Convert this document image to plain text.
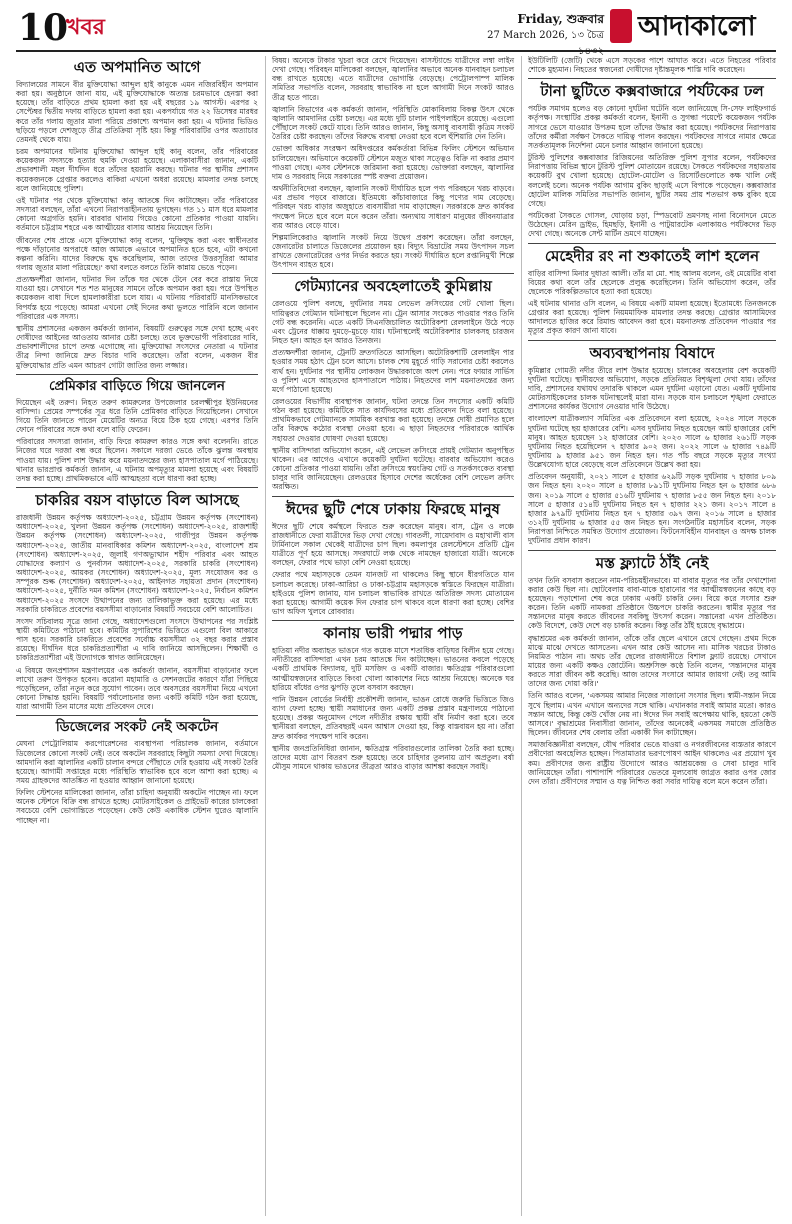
10
খবর	Friday, শুক্রবার
27 March 2026, ১৩ চৈত্র ১৪৩২
আদাকালো
এত অপমানিত আগে

বিদ্যালয়ের সামনে বীর মুক্তিযোদ্ধা আব্দুল হাই কানুকে এমন নজিরবিহীন অপমান করা হয়। অনুষ্ঠানে জানা যায়, এই মুক্তিযোদ্ধাকে অত্যন্ত চরমভাবে হেনস্তা করা হয়েছে। তাঁর বাড়িতে প্রথম হামলা করা হয় এই বছরের ১৯ আগস্ট। এরপর ২ সেপ্টেম্বর দ্বিতীয় দফায় বাড়িতে হামলা করা হয়। একপর্যায়ে গত ২২ ডিসেম্বর মারধর করে তাঁর গলায় জুতার মালা পরিয়ে প্রকাশ্যে অপমান করা হয়। এ ঘটনার ভিডিও ছড়িয়ে পড়লে দেশজুড়ে তীব্র প্রতিক্রিয়া সৃষ্টি হয়। কিন্তু পরিবারটির ওপর অত্যাচার তেমনই থেকে যায়।

চরম অপমানের ঘটনায় মুক্তিযোদ্ধা আব্দুল হাই কানু বলেন, তাঁর পরিবারের কয়েকজন সদস্যকে হত্যার হুমকি দেওয়া হয়েছে। এলাকাবাসীরা জানান, একটি প্রভাবশালী মহল দীর্ঘদিন ধরে তাঁদের হয়রানি করছে। ঘটনার পর স্থানীয় প্রশাসন কয়েকজনকে গ্রেপ্তার করলেও বাকিরা এখনো অধরা রয়েছে। মামলার তদন্ত চলছে বলে জানিয়েছে পুলিশ।

ওই ঘটনার পর থেকে মুক্তিযোদ্ধা কানু আতঙ্কে দিন কাটাচ্ছেন। তাঁর পরিবারের সদস্যরা বলছেন, তাঁরা এখনো নিরাপত্তাহীনতায় ভুগছেন। গত ১১ মাস ধরে মামলার কোনো অগ্রগতি হয়নি। বারবার থানায় গিয়েও কোনো প্রতিকার পাওয়া যায়নি। বর্তমানে চট্টগ্রাম শহরে এক আত্মীয়ের বাসায় আশ্রয় নিয়েছেন তিনি।

জীবনের শেষ প্রান্তে এসে মুক্তিযোদ্ধা কানু বলেন, 'মুক্তিযুদ্ধ করা এবং স্বাধীনতার পক্ষে দাঁড়ানোর অপরাধে আজ আমাকে এভাবে অপমানিত হতে হবে, এটা কখনো কল্পনা করিনি। যাদের বিরুদ্ধে যুদ্ধ করেছিলাম, আজ তাদের উত্তরসূরিরা আমার গলায় জুতার মালা পরিয়েছে।' কথা বলতে বলতে তিনি কান্নায় ভেঙে পড়েন।

প্রত্যক্ষদর্শীরা জানান, ঘটনার দিন তাঁকে ঘর থেকে টেনে বের করে রাস্তায় নিয়ে যাওয়া হয়। সেখানে শত শত মানুষের সামনে তাঁকে অপমান করা হয়। পরে উপস্থিত কয়েকজন বাধা দিলে হামলাকারীরা চলে যায়। এ ঘটনায় পরিবারটি মানসিকভাবে বিপর্যস্ত হয়ে পড়েছে। আমরা এখনো সেই দিনের কথা ভুলতে পারিনি বলে জানান পরিবারের এক সদস্য।

স্থানীয় প্রশাসনের একজন কর্মকর্তা জানান, বিষয়টি গুরুত্বের সঙ্গে দেখা হচ্ছে এবং দোষীদের আইনের আওতায় আনার চেষ্টা চলছে। তবে ভুক্তভোগী পরিবারের দাবি, প্রভাবশালীদের চাপে তদন্ত এগোচ্ছে না। মুক্তিযোদ্ধা সংসদের নেতারা এ ঘটনার তীব্র নিন্দা জানিয়ে দ্রুত বিচার দাবি করেছেন। তাঁরা বলেন, একজন বীর মুক্তিযোদ্ধার প্রতি এমন আচরণ গোটা জাতির জন্য লজ্জার।

প্রেমিকার বাড়িতে গিয়ে জানলেন

দিয়েছেন এই তরুণ। নিহত তরুণ কামরুলের উপজেলার চরলক্ষ্মীপুর ইউনিয়নের বাসিন্দা। প্রেমের সম্পর্কের সূত্র ধরে তিনি প্রেমিকার বাড়িতে গিয়েছিলেন। সেখানে গিয়ে তিনি জানতে পারেন মেয়েটির অন্যত্র বিয়ে ঠিক হয়ে গেছে। এরপর তিনি ফোনে পরিবারের সঙ্গে কথা বলে বাড়ি ফেরেন।

পরিবারের সদস্যরা জানান, বাড়ি ফিরে কামরুল কারও সঙ্গে কথা বলেননি। রাতে নিজের ঘরে দরজা বন্ধ করে ছিলেন। সকালে দরজা ভেঙে তাঁকে ঝুলন্ত অবস্থায় পাওয়া যায়। পুলিশ লাশ উদ্ধার করে ময়নাতদন্তের জন্য হাসপাতাল মর্গে পাঠিয়েছে। থানার ভারপ্রাপ্ত কর্মকর্তা জানান, এ ঘটনায় অপমৃত্যুর মামলা হয়েছে এবং বিষয়টি তদন্ত করা হচ্ছে। প্রাথমিকভাবে এটি আত্মহত্যা বলে ধারণা করা হচ্ছে।

চাকরির বয়স বাড়াতে বিল আসছে

রাজধানী উন্নয়ন কর্তৃপক্ষ অধ্যাদেশ-২০২৫, চট্টগ্রাম উন্নয়ন কর্তৃপক্ষ (সংশোধন) অধ্যাদেশ-২০২৫, খুলনা উন্নয়ন কর্তৃপক্ষ (সংশোধন) অধ্যাদেশ-২০২৫, রাজশাহী উন্নয়ন কর্তৃপক্ষ (সংশোধন) অধ্যাদেশ-২০২৫, গাজীপুর উন্নয়ন কর্তৃপক্ষ অধ্যাদেশ-২০২৫, জাতীয় মানবাধিকার কমিশন অধ্যাদেশ-২০২৫, বাংলাদেশ শ্রম (সংশোধন) অধ্যাদেশ-২০২৫, জুলাই গণঅভ্যুত্থান শহীদ পরিবার এবং আহত যোদ্ধাদের কল্যাণ ও পুনর্বাসন অধ্যাদেশ-২০২৫, সরকারি চাকরি (সংশোধন) অধ্যাদেশ-২০২৫, আয়কর (সংশোধন) অধ্যাদেশ-২০২৫, মূল্য সংযোজন কর ও সম্পূরক শুল্ক (সংশোধন) অধ্যাদেশ-২০২৫, আইনগত সহায়তা প্রদান (সংশোধন) অধ্যাদেশ-২০২৫, দুর্নীতি দমন কমিশন (সংশোধন) অধ্যাদেশ-২০২৫, নির্বাচন কমিশন অধ্যাদেশ-২০২৫ সংসদে উত্থাপনের জন্য তালিকাভুক্ত করা হয়েছে। এর মধ্যে সরকারি চাকরিতে প্রবেশের বয়সসীমা বাড়ানোর বিষয়টি সবচেয়ে বেশি আলোচিত।

সংসদ সচিবালয় সূত্রে জানা গেছে, অধ্যাদেশগুলো সংসদে উত্থাপনের পর সংশ্লিষ্ট স্থায়ী কমিটিতে পাঠানো হবে। কমিটির সুপারিশের ভিত্তিতে এগুলো বিল আকারে পাস হবে। সরকারি চাকরিতে প্রবেশের সর্বোচ্চ বয়সসীমা ৩২ বছর করার প্রস্তাব রয়েছে। দীর্ঘদিন ধরে চাকরিপ্রত্যাশীরা এ দাবি জানিয়ে আসছিলেন। শিক্ষার্থী ও চাকরিপ্রত্যাশীরা এই উদ্যোগকে স্বাগত জানিয়েছেন।

এ বিষয়ে জনপ্রশাসন মন্ত্রণালয়ের এক কর্মকর্তা জানান, বয়সসীমা বাড়ানোর ফলে লাখো তরুণ উপকৃত হবেন। করোনা মহামারি ও সেশনজটের কারণে যাঁরা পিছিয়ে পড়েছিলেন, তাঁরা নতুন করে সুযোগ পাবেন। তবে অবসরের বয়সসীমা নিয়ে এখনো কোনো সিদ্ধান্ত হয়নি। বিষয়টি পর্যালোচনার জন্য একটি কমিটি গঠন করা হয়েছে, যারা আগামী তিন মাসের মধ্যে প্রতিবেদন দেবে।

ডিজেলের সংকট নেই অকটেন

মেঘনা পেট্রোলিয়াম করপোরেশনের ব্যবস্থাপনা পরিচালক জানান, বর্তমানে ডিজেলের কোনো সংকট নেই। তবে অকটেন সরবরাহে কিছুটা সমস্যা দেখা দিয়েছে। আমদানি করা জ্বালানির একটি চালান বন্দরে পৌঁছাতে দেরি হওয়ায় এই সংকট তৈরি হয়েছে। আগামী সপ্তাহের মধ্যে পরিস্থিতি স্বাভাবিক হবে বলে আশা করা হচ্ছে। এ সময় গ্রাহকদের আতঙ্কিত না হওয়ার আহ্বান জানানো হয়েছে।

ফিলিং স্টেশনের মালিকেরা জানান, তাঁরা চাহিদা অনুযায়ী অকটেন পাচ্ছেন না। ফলে অনেক স্টেশনে বিক্রি বন্ধ রাখতে হচ্ছে। মোটরসাইকেল ও প্রাইভেট কারের চালকেরা সবচেয়ে বেশি ভোগান্তিতে পড়েছেন। কেউ কেউ একাধিক স্টেশন ঘুরেও জ্বালানি পাচ্ছেন না।

বিষয়। অনেকে টাকার খুচরা করে রেখে দিয়েছেন। বাসস্ট্যান্ডে যাত্রীদের লম্বা লাইন দেখা গেছে। পরিবহন মালিকেরা বলছেন, জ্বালানির অভাবে অনেক যানবাহন চলাচল বন্ধ রাখতে হয়েছে। এতে যাত্রীদের ভোগান্তি বেড়েছে। পেট্রোলপাম্প মালিক সমিতির সভাপতি বলেন, সরবরাহ স্বাভাবিক না হলে আগামী দিনে সংকট আরও তীব্র হতে পারে।

জ্বালানি বিভাগের এক কর্মকর্তা জানান, পরিস্থিতি মোকাবিলায় বিকল্প উৎস থেকে জ্বালানি আমদানির চেষ্টা চলছে। এর মধ্যে দুটি চালান পাইপলাইনে রয়েছে। এগুলো পৌঁছালে সংকট কেটে যাবে। তিনি আরও জানান, কিছু অসাধু ব্যবসায়ী কৃত্রিম সংকট তৈরির চেষ্টা করছেন। তাঁদের বিরুদ্ধে ব্যবস্থা নেওয়া হবে বলে হুঁশিয়ারি দেন তিনি।

ভোক্তা অধিকার সংরক্ষণ অধিদপ্তরের কর্মকর্তারা বিভিন্ন ফিলিং স্টেশনে অভিযান চালিয়েছেন। অভিযানে কয়েকটি স্টেশনে মজুত থাকা সত্ত্বেও বিক্রি না করার প্রমাণ পাওয়া গেছে। এসব স্টেশনকে জরিমানা করা হয়েছে। ভোক্তারা বলছেন, জ্বালানির দাম ও সরবরাহ নিয়ে সরকারের স্পষ্ট বক্তব্য প্রয়োজন।

অর্থনীতিবিদেরা বলছেন, জ্বালানি সংকট দীর্ঘায়িত হলে পণ্য পরিবহনে খরচ বাড়বে। এর প্রভাব পড়বে বাজারে। ইতিমধ্যে কাঁচাবাজারে কিছু পণ্যের দাম বেড়েছে। পরিবহন খরচ বাড়ার অজুহাতে ব্যবসায়ীরা দাম বাড়াচ্ছেন। সরকারকে দ্রুত কার্যকর পদক্ষেপ নিতে হবে বলে মনে করেন তাঁরা। অন্যথায় সাধারণ মানুষের জীবনযাত্রার ব্যয় আরও বেড়ে যাবে।

শিল্পমালিকেরাও জ্বালানি সংকট নিয়ে উদ্বেগ প্রকাশ করেছেন। তাঁরা বলছেন, জেনারেটর চালাতে ডিজেলের প্রয়োজন হয়। বিদ্যুৎ বিভ্রাটের সময় উৎপাদন সচল রাখতে জেনারেটরের ওপর নির্ভর করতে হয়। সংকট দীর্ঘায়িত হলে রপ্তানিমুখী শিল্পে উৎপাদন ব্যাহত হবে।

গেটম্যানের অবহেলাতেই কুমিল্লায়

রেলওয়ে পুলিশ বলছে, দুর্ঘটনার সময় লেভেল ক্রসিংয়ের গেট খোলা ছিল। দায়িত্বরত গেটম্যান ঘটনাস্থলে ছিলেন না। ট্রেন আসার সংকেত পাওয়ার পরও তিনি গেট বন্ধ করেননি। এতে একটি সিএনজিচালিত অটোরিকশা রেললাইনে উঠে পড়ে এবং ট্রেনের ধাক্কায় দুমড়ে-মুচড়ে যায়। ঘটনাস্থলেই অটোরিকশার চালকসহ চারজন নিহত হন। আহত হন আরও তিনজন।

প্রত্যক্ষদর্শীরা জানান, ট্রেনটি দ্রুতগতিতে আসছিল। অটোরিকশাটি রেললাইন পার হওয়ার সময় হঠাৎ ট্রেন চলে আসে। চালক শেষ মুহূর্তে গাড়ি সরানোর চেষ্টা করলেও ব্যর্থ হন। দুর্ঘটনার পর স্থানীয় লোকজন উদ্ধারকাজে অংশ নেন। পরে ফায়ার সার্ভিস ও পুলিশ এসে আহতদের হাসপাতালে পাঠায়। নিহতদের লাশ ময়নাতদন্তের জন্য মর্গে পাঠানো হয়েছে।

রেলওয়ের বিভাগীয় ব্যবস্থাপক জানান, ঘটনা তদন্তে তিন সদস্যের একটি কমিটি গঠন করা হয়েছে। কমিটিকে সাত কার্যদিবসের মধ্যে প্রতিবেদন দিতে বলা হয়েছে। প্রাথমিকভাবে গেটম্যানকে সাময়িক বরখাস্ত করা হয়েছে। তদন্তে দোষী প্রমাণিত হলে তাঁর বিরুদ্ধে কঠোর ব্যবস্থা নেওয়া হবে। এ ছাড়া নিহতদের পরিবারকে আর্থিক সহায়তা দেওয়ার ঘোষণা দেওয়া হয়েছে।

স্থানীয় বাসিন্দারা অভিযোগ করেন, এই লেভেল ক্রসিংয়ে প্রায়ই গেটম্যান অনুপস্থিত থাকেন। এর আগেও এখানে কয়েকটি দুর্ঘটনা ঘটেছে। বারবার অভিযোগ করেও কোনো প্রতিকার পাওয়া যায়নি। তাঁরা ক্রসিংয়ে স্বয়ংক্রিয় গেট ও সতর্কসংকেত ব্যবস্থা চালুর দাবি জানিয়েছেন। রেলওয়ের হিসাবে দেশের অর্ধেকের বেশি লেভেল ক্রসিং অরক্ষিত।

ঈদের ছুটি শেষে ঢাকায় ফিরছে মানুষ

ঈদের ছুটি শেষে কর্মস্থলে ফিরতে শুরু করেছেন মানুষ। বাস, ট্রেন ও লঞ্চে রাজধানীতে ফেরা যাত্রীদের ভিড় দেখা গেছে। গাবতলী, সায়েদাবাদ ও মহাখালী বাস টার্মিনালে সকাল থেকেই যাত্রীদের চাপ ছিল। কমলাপুর রেলস্টেশনে প্রতিটি ট্রেন যাত্রীতে পূর্ণ হয়ে আসছে। সদরঘাটে লঞ্চ থেকে নামছেন হাজারো যাত্রী। অনেকে বলছেন, ফেরার পথে ভাড়া বেশি নেওয়া হয়েছে।

ফেরার পথে মহাসড়কে তেমন যানজট না থাকলেও কিছু স্থানে ধীরগতিতে যান চলাচল করেছে। ঢাকা-আরিচা ও ঢাকা-চট্টগ্রাম মহাসড়কে স্বস্তিতে ফিরছেন যাত্রীরা। হাইওয়ে পুলিশ জানায়, যান চলাচল স্বাভাবিক রাখতে অতিরিক্ত সদস্য মোতায়েন করা হয়েছে। আগামী কয়েক দিন ফেরার চাপ থাকবে বলে ধারণা করা হচ্ছে। বেশির ভাগ অফিস খুলবে রোববার।

কানায় ভারী পদ্মার পাড়

হাতিয়া নদীর অব্যাহত ভাঙনে গত কয়েক মাসে শতাধিক বাড়িঘর বিলীন হয়ে গেছে। নদীতীরের বাসিন্দারা এখন চরম আতঙ্কে দিন কাটাচ্ছেন। ভাঙনের কবলে পড়েছে একটি প্রাথমিক বিদ্যালয়, দুটি মসজিদ ও একটি বাজার। ক্ষতিগ্রস্ত পরিবারগুলো আত্মীয়স্বজনের বাড়িতে কিংবা খোলা আকাশের নিচে আশ্রয় নিয়েছে। অনেকে ঘর হারিয়ে বাঁধের ওপর ঝুপড়ি তুলে বসবাস করছেন।

পানি উন্নয়ন বোর্ডের নির্বাহী প্রকৌশলী জানান, ভাঙন রোধে জরুরি ভিত্তিতে জিও ব্যাগ ফেলা হচ্ছে। স্থায়ী সমাধানের জন্য একটি প্রকল্প প্রস্তাব মন্ত্রণালয়ে পাঠানো হয়েছে। প্রকল্প অনুমোদন পেলে নদীতীর রক্ষায় স্থায়ী বাঁধ নির্মাণ করা হবে। তবে স্থানীয়রা বলছেন, প্রতিবছরই এমন আশ্বাস দেওয়া হয়, কিন্তু বাস্তবায়ন হয় না। তাঁরা দ্রুত কার্যকর পদক্ষেপ দাবি করেন।

স্থানীয় জনপ্রতিনিধিরা জানান, ক্ষতিগ্রস্ত পরিবারগুলোর তালিকা তৈরি করা হচ্ছে। তাদের মধ্যে ত্রাণ বিতরণ শুরু হয়েছে। তবে চাহিদার তুলনায় ত্রাণ অপ্রতুল। বর্ষা মৌসুম সামনে থাকায় ভাঙনের তীব্রতা আরও বাড়ার আশঙ্কা করছেন সবাই।

ইউটিলিটি (জেটি) থেকে এসে সড়কের পাশে আঘাত করে। এতে নিহতের পরিবার শোকে মুহ্যমান। নিহতের স্বজনেরা দোষীদের দৃষ্টান্তমূলক শাস্তি দাবি করেছেন।

টানা ছুটিতে কক্সবাজারে পর্যটকের ঢল

পর্যটক সমাগম হলেও বড় কোনো দুর্ঘটনা ঘটেনি বলে জানিয়েছে সি-সেফ লাইফগার্ড কর্তৃপক্ষ। সংস্থাটির প্রকল্প কর্মকর্তা বলেন, ইনানী ও সুগন্ধা পয়েন্টে কয়েকজন পর্যটক সাগরে ভেসে যাওয়ার উপক্রম হলে তাঁদের উদ্ধার করা হয়েছে। পর্যটকদের নিরাপত্তায় তাঁদের কর্মীরা সর্বক্ষণ সৈকতে দায়িত্ব পালন করছেন। পর্যটকদের সাগরে নামার ক্ষেত্রে সতর্কতামূলক নির্দেশনা মেনে চলার আহ্বান জানানো হয়েছে।

টুরিস্ট পুলিশের কক্সবাজার রিজিয়নের অতিরিক্ত পুলিশ সুপার বলেন, পর্যটকদের নিরাপত্তায় বিভিন্ন স্থানে টুরিস্ট পুলিশ মোতায়েন রয়েছে। সৈকতে পর্যটকদের সহায়তায় কয়েকটি বুথ খোলা হয়েছে। হোটেল-মোটেল ও রিসোর্টগুলোতে কক্ষ খালি নেই বললেই চলে। অনেক পর্যটক আগাম বুকিং ছাড়াই এসে বিপাকে পড়েছেন। কক্সবাজার হোটেল মালিক সমিতির সভাপতি জানান, ছুটির সময় প্রায় শতভাগ কক্ষ বুকিং হয়ে গেছে।

পর্যটকেরা সৈকতে গোসল, ঘোড়ায় চড়া, স্পিডবোট ভ্রমণসহ নানা বিনোদনে মেতে উঠেছেন। মেরিন ড্রাইভ, হিমছড়ি, ইনানী ও পাটুয়ারটেক এলাকায়ও পর্যটকদের ভিড় দেখা গেছে। অনেকে সেন্ট মার্টিন ভ্রমণে যাচ্ছেন।

মেহেদীর রং না শুকাতেই লাশ হলেন

বাড়ির বাসিন্দা মিনার দুধাতা আলী। তাঁর মা মো. শাহ আলম বলেন, ওই মেয়েটির বাবা বিয়ের কথা বলে তাঁর ছেলেকে প্রলুব্ধ করেছিলেন। তিনি অভিযোগ করেন, তাঁর ছেলেকে পরিকল্পিতভাবে হত্যা করা হয়েছে।

এই ঘটনায় থানার ওসি বলেন, এ বিষয়ে একটি মামলা হয়েছে। ইতোমধ্যে তিনজনকে গ্রেপ্তার করা হয়েছে। পুলিশ নিয়মমাফিক মামলার তদন্ত করছে। গ্রেপ্তার আসামিদের আদালতে হাজির করে রিমান্ড আবেদন করা হবে। ময়নাতদন্ত প্রতিবেদন পাওয়ার পর মৃত্যুর প্রকৃত কারণ জানা যাবে।

অব্যবস্থাপনায় বিষাদে

কুমিল্লার গোমতী নদীর তীরে লাশ উদ্ধার হয়েছে। চালকের অবহেলায় বেশ কয়েকটি দুর্ঘটনা ঘটেছে। স্থানীয়দের অভিযোগ, সড়কে প্রতিনিয়ত বিশৃঙ্খলা দেখা যায়। তাঁদের দাবি, প্রশাসনের যথাযথ তদারকি থাকলে এমন দুর্ঘটনা এড়ানো যেত। একটি দুর্ঘটনায় মোটরসাইকেলের চালক ঘটনাস্থলেই মারা যান। সড়কে যান চলাচলে শৃঙ্খলা ফেরাতে প্রশাসনের কার্যকর উদ্যোগ নেওয়ার দাবি উঠেছে।

বাংলাদেশ যাত্রীকল্যাণ সমিতির এক প্রতিবেদনে বলা হয়েছে, ২০২৪ সালে সড়কে দুর্ঘটনা ঘটেছে ছয় হাজারের বেশি। এসব দুর্ঘটনায় নিহত হয়েছেন আট হাজারের বেশি মানুষ। আহত হয়েছেন ১২ হাজারের বেশি। ২০২৩ সালে ৬ হাজার ২৬১টি সড়ক দুর্ঘটনায় নিহত হয়েছিলেন ৭ হাজার ৯০২ জন। ২০২২ সালে ৬ হাজার ৭৪৯টি দুর্ঘটনায় ৯ হাজার ৯৫১ জন নিহত হন। গত পাঁচ বছরে সড়কে মৃত্যুর সংখ্যা উল্লেখযোগ্য হারে বেড়েছে বলে প্রতিবেদনে উল্লেখ করা হয়।

প্রতিবেদন অনুযায়ী, ২০২১ সালে ৫ হাজার ৬২৯টি সড়ক দুর্ঘটনায় ৭ হাজার ৮০৯ জন নিহত হন। ২০২০ সালে ৪ হাজার ৮৯১টি দুর্ঘটনায় নিহত হন ৬ হাজার ৬৮৬ জন। ২০১৯ সালে ৫ হাজার ৫১৬টি দুর্ঘটনায় ৭ হাজার ৮৫৫ জন নিহত হন। ২০১৮ সালে ৫ হাজার ৫১৪টি দুর্ঘটনায় নিহত হন ৭ হাজার ২২১ জন। ২০১৭ সালে ৪ হাজার ৯৭৯টি দুর্ঘটনায় নিহত হন ৭ হাজার ৩৯৭ জন। ২০১৬ সালে ৪ হাজার ৩১২টি দুর্ঘটনায় ৬ হাজার ৫৫ জন নিহত হন। সংগঠনটির মহাসচিব বলেন, সড়ক নিরাপত্তা নিশ্চিতে সমন্বিত উদ্যোগ প্রয়োজন। ফিটনেসবিহীন যানবাহন ও অদক্ষ চালক দুর্ঘটনার প্রধান কারণ।

মস্ত ফ্ল্যাটে ঠাঁই নেই

তখন তিনি বসবাস করতেন নাম-পরিচয়হীনভাবে। মা বাবার মৃত্যুর পর তাঁর দেখাশোনা করার কেউ ছিল না। ছোটবেলায় বাবা-মাকে হারানোর পর আত্মীয়স্বজনের কাছে বড় হয়েছেন। পড়াশোনা শেষ করে ঢাকায় একটি চাকরি নেন। বিয়ে করে সংসার শুরু করেন। তিনি একটি নামকরা প্রতিষ্ঠানে উচ্চপদে চাকরি করতেন। স্বামীর মৃত্যুর পর সন্তানদের মানুষ করতে জীবনের সবকিছু উৎসর্গ করেন। সন্তানেরা এখন প্রতিষ্ঠিত। কেউ বিদেশে, কেউ দেশে বড় চাকরি করেন। কিন্তু তাঁর ঠাঁই হয়েছে বৃদ্ধাশ্রমে।

বৃদ্ধাশ্রমের এক কর্মকর্তা জানান, তাঁকে তাঁর ছেলে এখানে রেখে গেছেন। প্রথম দিকে মাঝে মাঝে দেখতে আসতেন। এখন আর কেউ আসেন না। মাসিক খরচের টাকাও নিয়মিত পাঠান না। অথচ তাঁর ছেলের রাজধানীতে বিশাল ফ্ল্যাট রয়েছে। সেখানে মায়ের জন্য একটি কক্ষও জোটেনি। অশ্রুসিক্ত কণ্ঠে তিনি বলেন, 'সন্তানদের মানুষ করতে সারা জীবন কষ্ট করেছি। আজ তাদের সংসারে আমার জায়গা নেই। তবু আমি তাদের জন্য দোয়া করি।'

তিনি আরও বলেন, 'একসময় আমার নিজের সাজানো সংসার ছিল। স্বামী-সন্তান নিয়ে সুখে ছিলাম। এখন এখানে অন্যদের সঙ্গে থাকি। এখানকার সবাই আমার মতো। কারও সন্তান আছে, কিন্তু কেউ খোঁজ নেয় না। ঈদের দিন সবাই অপেক্ষায় থাকি, হয়তো কেউ আসবে।' বৃদ্ধাশ্রমের নিবাসীরা জানান, তাঁদের অনেকেই একসময় সমাজে প্রতিষ্ঠিত ছিলেন। জীবনের শেষ বেলায় তাঁরা একাকী দিন কাটাচ্ছেন।

সমাজবিজ্ঞানীরা বলছেন, যৌথ পরিবার ভেঙে যাওয়া ও নগরজীবনের ব্যস্ততার কারণে প্রবীণেরা অবহেলিত হচ্ছেন। পিতামাতার ভরণপোষণ আইন থাকলেও এর প্রয়োগ খুব কম। প্রবীণদের জন্য রাষ্ট্রীয় উদ্যোগে আরও আশ্রয়কেন্দ্র ও সেবা চালুর দাবি জানিয়েছেন তাঁরা। পাশাপাশি পরিবারের ভেতরে মূল্যবোধ জাগ্রত করার ওপর জোর দেন তাঁরা। প্রবীণদের সম্মান ও যত্ন নিশ্চিত করা সবার দায়িত্ব বলে মনে করেন তাঁরা।
